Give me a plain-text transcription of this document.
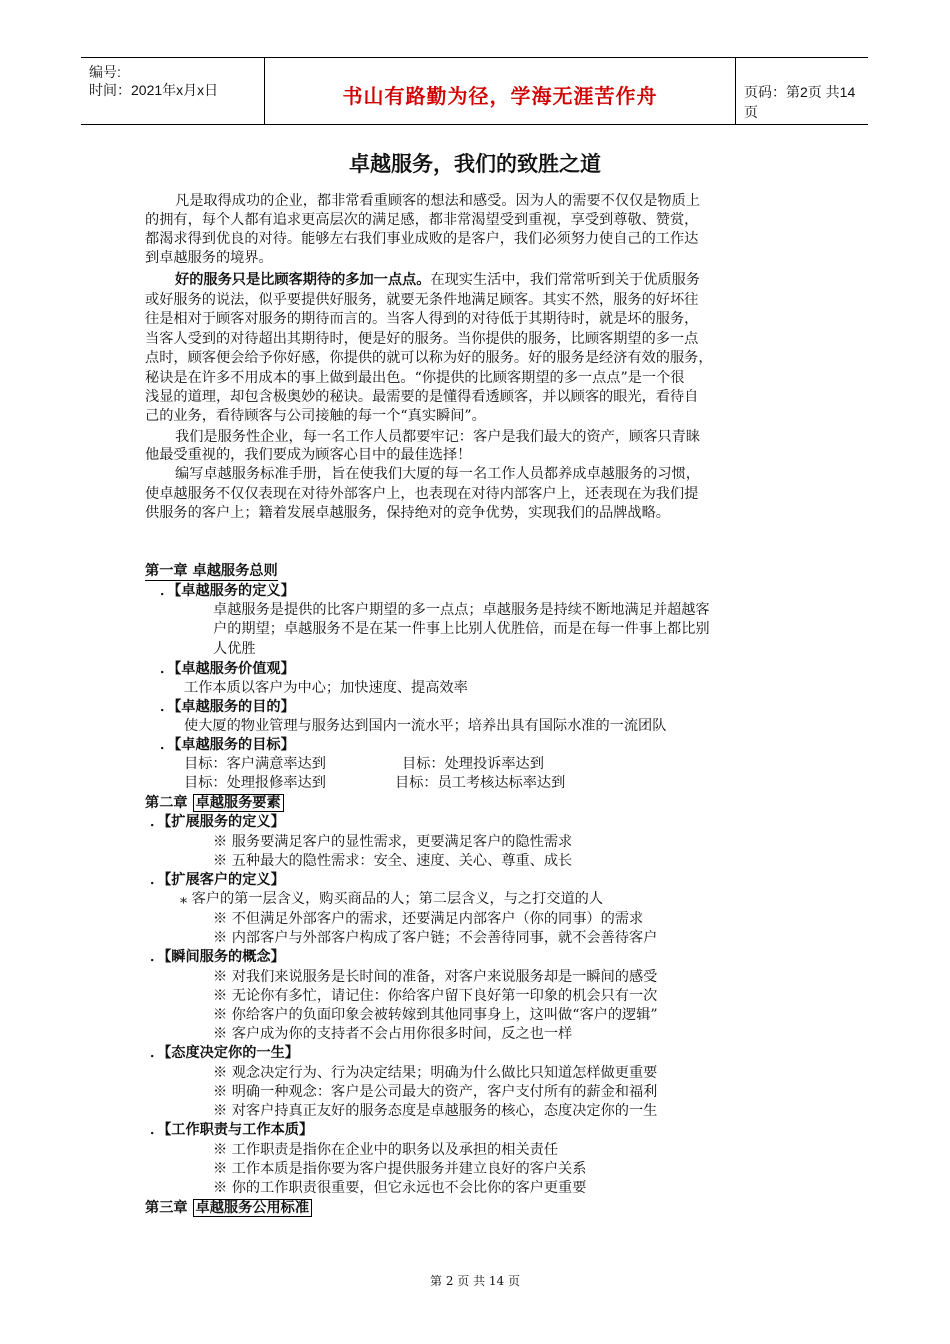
编号:
时间：2021年x月x日	书山有路勤为径，学海无涯苦作舟	页码：第2页 共14页
卓越服务，我们的致胜之道
凡是取得成功的企业，都非常看重顾客的想法和感受。因为人的需要不仅仅是物质上
的拥有，每个人都有追求更高层次的满足感，都非常渴望受到重视，享受到尊敬、赞赏，
都渴求得到优良的对待。能够左右我们事业成败的是客户，我们必须努力使自己的工作达
到卓越服务的境界。
好的服务只是比顾客期待的多加一点点。在现实生活中，我们常常听到关于优质服务
或好服务的说法，似乎要提供好服务，就要无条件地满足顾客。其实不然，服务的好坏往
往是相对于顾客对服务的期待而言的。当客人得到的对待低于其期待时，就是坏的服务，
当客人受到的对待超出其期待时，便是好的服务。当你提供的服务，比顾客期望的多一点
点时，顾客便会给予你好感，你提供的就可以称为好的服务。好的服务是经济有效的服务，
秘诀是在许多不用成本的事上做到最出色。“你提供的比顾客期望的多一点点”是一个很
浅显的道理，却包含极奥妙的秘诀。最需要的是懂得看透顾客，并以顾客的眼光，看待自
己的业务，看待顾客与公司接触的每一个“真实瞬间”。
我们是服务性企业，每一名工作人员都要牢记：客户是我们最大的资产，顾客只青睐
他最受重视的，我们要成为顾客心目中的最佳选择！
编写卓越服务标准手册，旨在使我们大厦的每一名工作人员都养成卓越服务的习惯，
使卓越服务不仅仅表现在对待外部客户上，也表现在对待内部客户上，还表现在为我们提
供服务的客户上；籍着发展卓越服务，保持绝对的竞争优势，实现我们的品牌战略。
第一章 卓越服务总则
．【卓越服务的定义】
卓越服务是提供的比客户期望的多一点点；卓越服务是持续不断地满足并超越客
户的期望；卓越服务不是在某一件事上比别人优胜倍，而是在每一件事上都比别
人优胜
．【卓越服务价值观】
工作本质以客户为中心；加快速度、提高效率
．【卓越服务的目的】
使大厦的物业管理与服务达到国内一流水平；培养出具有国际水准的一流团队
．【卓越服务的目标】
目标：客户满意率达到	目标：处理投诉率达到
目标：处理报修率达到	目标：员工考核达标率达到
第二章 卓越服务要素
．【扩展服务的定义】
※ 服务要满足客户的显性需求，更要满足客户的隐性需求
※ 五种最大的隐性需求：安全、速度、关心、尊重、成长
．【扩展客户的定义】
⁎ 客户的第一层含义，购买商品的人；第二层含义，与之打交道的人
※ 不但满足外部客户的需求，还要满足内部客户（你的同事）的需求
※ 内部客户与外部客户构成了客户链；不会善待同事，就不会善待客户
．【瞬间服务的概念】
※ 对我们来说服务是长时间的准备，对客户来说服务却是一瞬间的感受
※ 无论你有多忙，请记住：你给客户留下良好第一印象的机会只有一次
※ 你给客户的负面印象会被转嫁到其他同事身上，这叫做“客户的逻辑”
※ 客户成为你的支持者不会占用你很多时间，反之也一样
．【态度决定你的一生】
※ 观念决定行为、行为决定结果；明确为什么做比只知道怎样做更重要
※ 明确一种观念：客户是公司最大的资产，客户支付所有的薪金和福利
※ 对客户持真正友好的服务态度是卓越服务的核心，态度决定你的一生
．【工作职责与工作本质】
※ 工作职责是指你在企业中的职务以及承担的相关责任
※ 工作本质是指你要为客户提供服务并建立良好的客户关系
※ 你的工作职责很重要，但它永远也不会比你的客户更重要
第三章 卓越服务公用标准
第 2 页 共 14 页
